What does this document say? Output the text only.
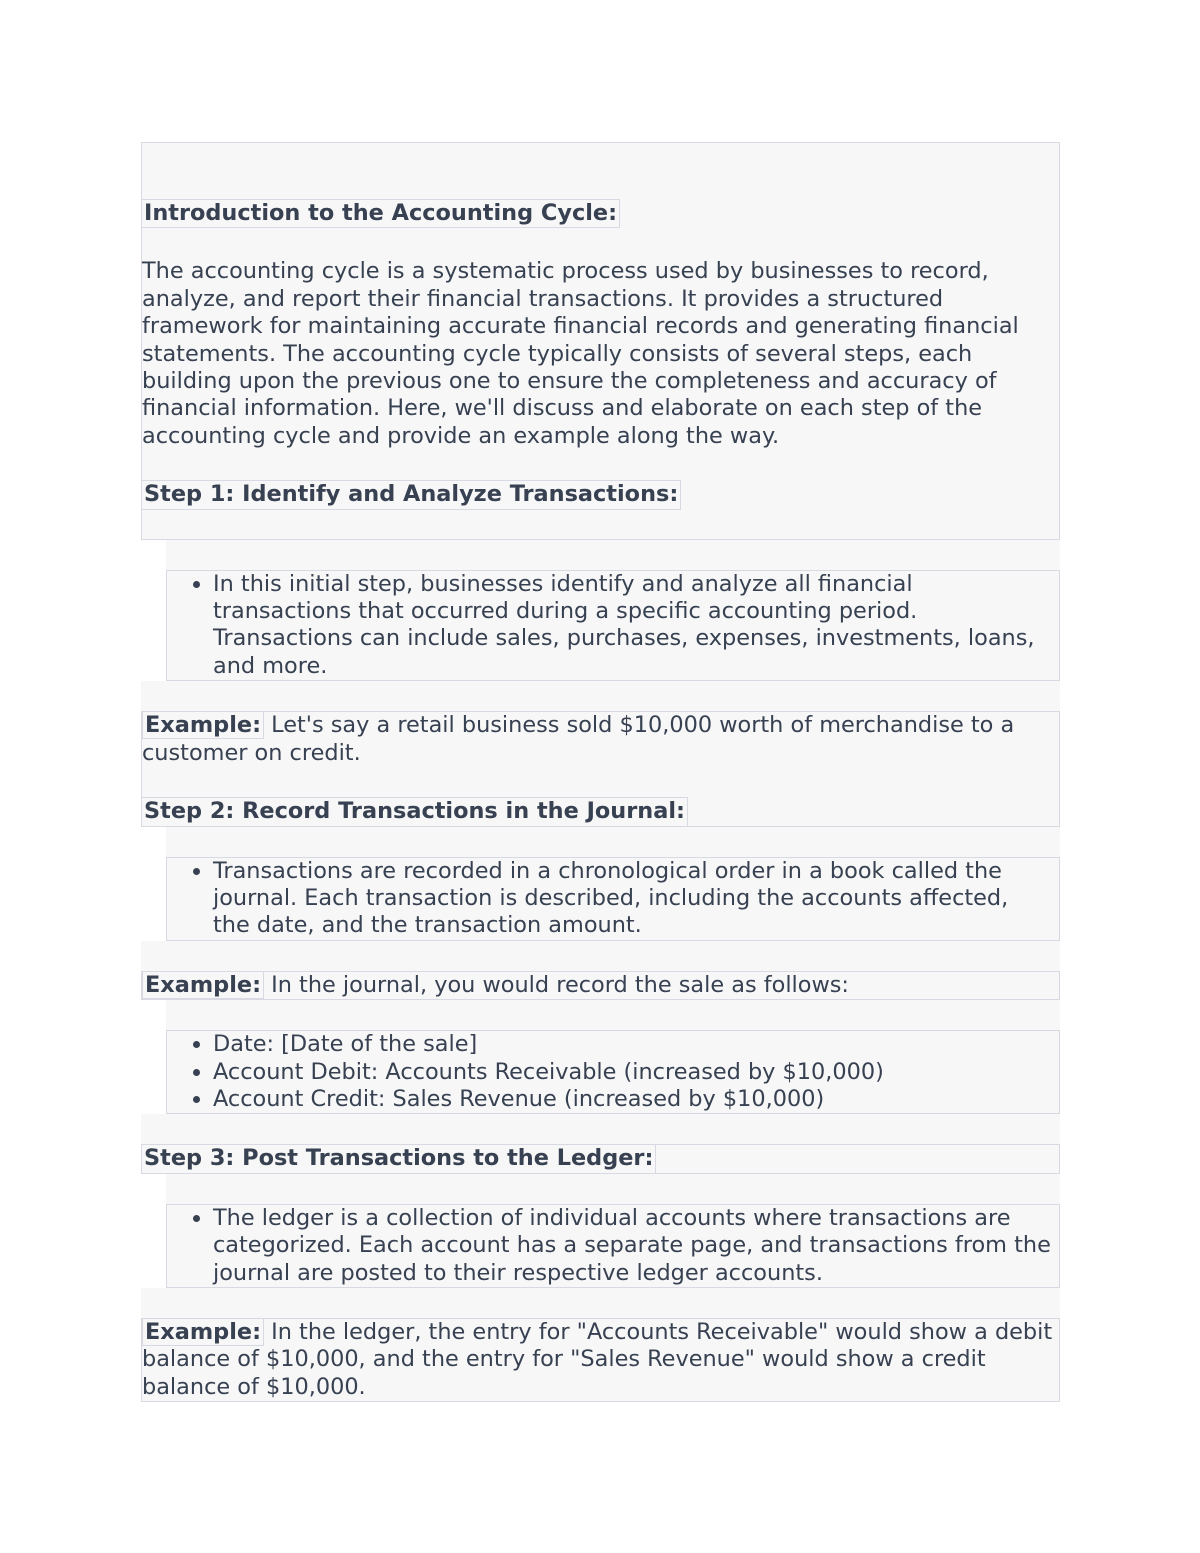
Introduction to the Accounting Cycle:
The accounting cycle is a systematic process used by businesses to record, analyze, and report their financial transactions. It provides a structured framework for maintaining accurate financial records and generating financial statements. The accounting cycle typically consists of several steps, each building upon the previous one to ensure the completeness and accuracy of financial information. Here, we'll discuss and elaborate on each step of the accounting cycle and provide an example along the way.
Step 1: Identify and Analyze Transactions:
• In this initial step, businesses identify and analyze all financial transactions that occurred during a specific accounting period. Transactions can include sales, purchases, expenses, investments, loans, and more.
Example: Let's say a retail business sold $10,000 worth of merchandise to a customer on credit.
Step 2: Record Transactions in the Journal:
• Transactions are recorded in a chronological order in a book called the journal. Each transaction is described, including the accounts affected, the date, and the transaction amount.
Example: In the journal, you would record the sale as follows:
• Date: [Date of the sale]
• Account Debit: Accounts Receivable (increased by $10,000)
• Account Credit: Sales Revenue (increased by $10,000)
Step 3: Post Transactions to the Ledger:
• The ledger is a collection of individual accounts where transactions are categorized. Each account has a separate page, and transactions from the journal are posted to their respective ledger accounts.
Example: In the ledger, the entry for "Accounts Receivable" would show a debit balance of $10,000, and the entry for "Sales Revenue" would show a credit balance of $10,000.
